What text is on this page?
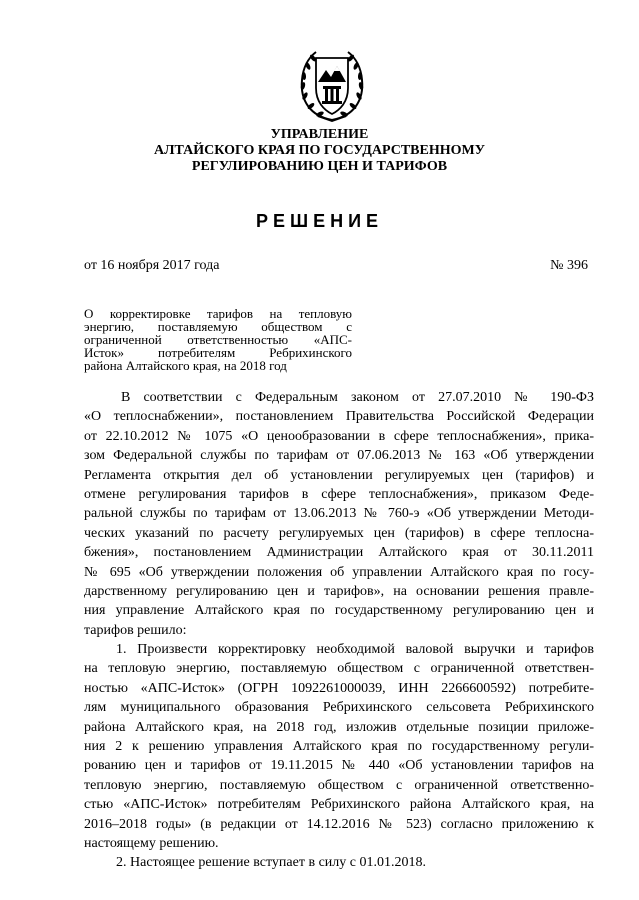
УПРАВЛЕНИЕ
АЛТАЙСКОГО КРАЯ ПО ГОСУДАРСТВЕННОМУ
РЕГУЛИРОВАНИЮ ЦЕН И ТАРИФОВ
РЕШЕНИЕ
от 16 ноября 2017 года	№ 396
О корректировке тарифов на тепловую
энергию, поставляемую обществом с
ограниченной ответственностью «АПС-
Исток» потребителям Ребрихинского
района Алтайского края, на 2018 год
В соответствии с Федеральным законом от 27.07.2010 № 190-ФЗ
«О теплоснабжении», постановлением Правительства Российской Федерации
от 22.10.2012 № 1075 «О ценообразовании в сфере теплоснабжения», прика-
зом Федеральной службы по тарифам от 07.06.2013 № 163 «Об утверждении
Регламента открытия дел об установлении регулируемых цен (тарифов) и
отмене регулирования тарифов в сфере теплоснабжения», приказом Феде-
ральной службы по тарифам от 13.06.2013 № 760-э «Об утверждении Методи-
ческих указаний по расчету регулируемых цен (тарифов) в сфере теплосна-
бжения», постановлением Администрации Алтайского края от 30.11.2011
№ 695 «Об утверждении положения об управлении Алтайского края по госу-
дарственному регулированию цен и тарифов», на основании решения правле-
ния управление Алтайского края по государственному регулированию цен и
тарифов решило:
1. Произвести корректировку необходимой валовой выручки и тарифов
на тепловую энергию, поставляемую обществом с ограниченной ответствен-
ностью «АПС-Исток» (ОГРН 1092261000039, ИНН 2266600592) потребите-
лям муниципального образования Ребрихинского сельсовета Ребрихинского
района Алтайского края, на 2018 год, изложив отдельные позиции приложе-
ния 2 к решению управления Алтайского края по государственному регули-
рованию цен и тарифов от 19.11.2015 № 440 «Об установлении тарифов на
тепловую энергию, поставляемую обществом с ограниченной ответственно-
стью «АПС-Исток» потребителям Ребрихинского района Алтайского края, на
2016–2018 годы» (в редакции от 14.12.2016 № 523) согласно приложению к
настоящему решению.
2. Настоящее решение вступает в силу с 01.01.2018.
